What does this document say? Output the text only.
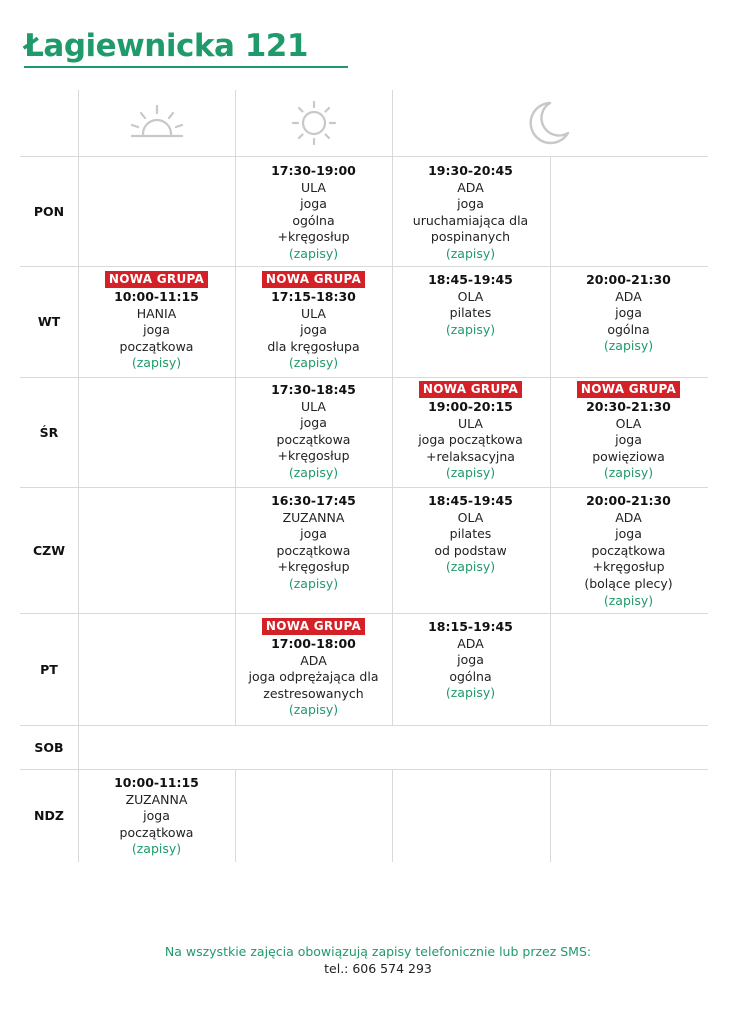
Łagiewnicka 121
PON
WT
ŚR
CZW
PT
SOB
NDZ
17:30-19:00
ULA
joga
ogólna
+kręgosłup
(zapisy)
19:30-20:45
ADA
joga
uruchamiająca dla
pospinanych
(zapisy)
NOWA GRUPA
10:00-11:15
HANIA
joga
początkowa
(zapisy)
NOWA GRUPA
17:15-18:30
ULA
joga
dla kręgosłupa
(zapisy)
18:45-19:45
OLA
pilates
(zapisy)
20:00-21:30
ADA
joga
ogólna
(zapisy)
17:30-18:45
ULA
joga
początkowa
+kręgosłup
(zapisy)
NOWA GRUPA
19:00-20:15
ULA
joga początkowa
+relaksacyjna
(zapisy)
NOWA GRUPA
20:30-21:30
OLA
joga
powięziowa
(zapisy)
16:30-17:45
ZUZANNA
joga
początkowa
+kręgosłup
(zapisy)
18:45-19:45
OLA
pilates
od podstaw
(zapisy)
20:00-21:30
ADA
joga
początkowa
+kręgosłup
(bolące plecy)
(zapisy)
NOWA GRUPA
17:00-18:00
ADA
joga odprężająca dla
zestresowanych
(zapisy)
18:15-19:45
ADA
joga
ogólna
(zapisy)
10:00-11:15
ZUZANNA
joga
początkowa
(zapisy)
Na wszystkie zajęcia obowiązują zapisy telefonicznie lub przez SMS:
tel.: 606 574 293
